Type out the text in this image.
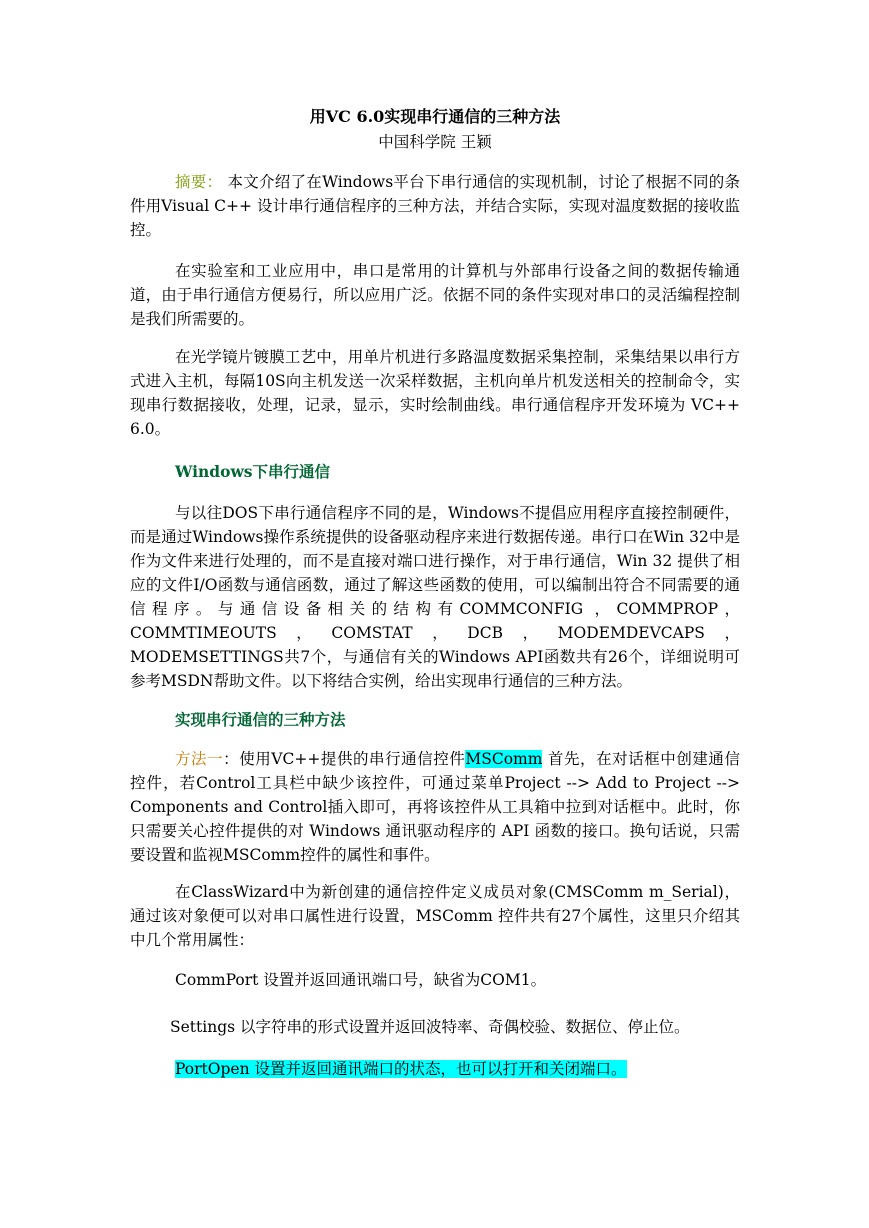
用VC 6.0实现串行通信的三种方法
中国科学院 王颖

摘要： 本文介绍了在Windows平台下串行通信的实现机制，讨论了根据不同的条件用Visual C++ 设计串行通信程序的三种方法，并结合实际，实现对温度数据的接收监控。

在实验室和工业应用中，串口是常用的计算机与外部串行设备之间的数据传输通道，由于串行通信方便易行，所以应用广泛。依据不同的条件实现对串口的灵活编程控制是我们所需要的。

在光学镜片镀膜工艺中，用单片机进行多路温度数据采集控制，采集结果以串行方式进入主机，每隔10S向主机发送一次采样数据，主机向单片机发送相关的控制命令，实现串行数据接收，处理，记录，显示，实时绘制曲线。串行通信程序开发环境为 VC++ 6.0。

Windows下串行通信

与以往DOS下串行通信程序不同的是，Windows不提倡应用程序直接控制硬件，而是通过Windows操作系统提供的设备驱动程序来进行数据传递。串行口在Win 32中是作为文件来进行处理的，而不是直接对端口进行操作，对于串行通信，Win 32 提供了相应的文件I/O函数与通信函数，通过了解这些函数的使用，可以编制出符合不同需要的通信程序。与通信设备相关的结构有COMMCONFIG ，COMMPROP，COMMTIMEOUTS，COMSTAT，DCB，MODEMDEVCAPS，MODEMSETTINGS共7个，与通信有关的Windows API函数共有26个，详细说明可参考MSDN帮助文件。以下将结合实例，给出实现串行通信的三种方法。

实现串行通信的三种方法

方法一：使用VC++提供的串行通信控件MSComm 首先，在对话框中创建通信控件，若Control工具栏中缺少该控件，可通过菜单Project --> Add to Project --> Components and Control插入即可，再将该控件从工具箱中拉到对话框中。此时，你只需要关心控件提供的对 Windows 通讯驱动程序的 API 函数的接口。换句话说，只需要设置和监视MSComm控件的属性和事件。

在ClassWizard中为新创建的通信控件定义成员对象(CMSComm m_Serial)，通过该对象便可以对串口属性进行设置，MSComm 控件共有27个属性，这里只介绍其中几个常用属性：

CommPort 设置并返回通讯端口号，缺省为COM1。
Settings 以字符串的形式设置并返回波特率、奇偶校验、数据位、停止位。
PortOpen 设置并返回通讯端口的状态，也可以打开和关闭端口。
